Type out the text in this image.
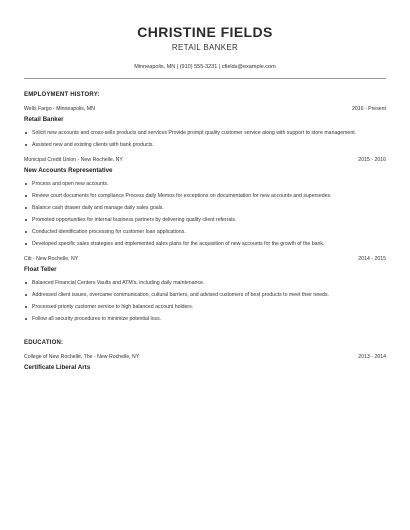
CHRISTINE FIELDS
RETAIL BANKER
Minneapolis, MN | (910) 555-3231 | cfields@example.com
EMPLOYMENT HISTORY:
Wells Fargo - Minneapolis, MN	2016 - Present
Retail Banker
Solicit new accounts and cross-sells products and services Provide prompt quality customer service along with support to store management.
Assisted new and existing clients with bank products.
Municipal Credit Union - New Rochelle, NY	2015 - 2016
New Accounts Representative
Process and open new accounts.
Review court documents for compliance Process daily Memos for exceptions on documentation for new accounts and supersedes.
Balance cash drawer daily and manage daily sales goals.
Promoted opportunities for internal business partners by delivering quality client referrals.
Conducted identification processing for customer loan applications.
Developed specific sales strategies and implemented sales plans for the acquisition of new accounts for the growth of the bank.
Citi - New Rochelle, NY	2014 - 2015
Float Teller
Balanced Financial Centers Vaults and ATM's, including daily maintenance.
Addressed client issues, overcame communication, cultural barriers, and advised customers of best products to meet their needs.
Processed priority customer service to high balanced account holders.
Follow all security procedures to minimize potential loss.
EDUCATION:
College of New Rochelle, The - New Rochelle, NY	2013 - 2014
Certificate Liberal Arts
